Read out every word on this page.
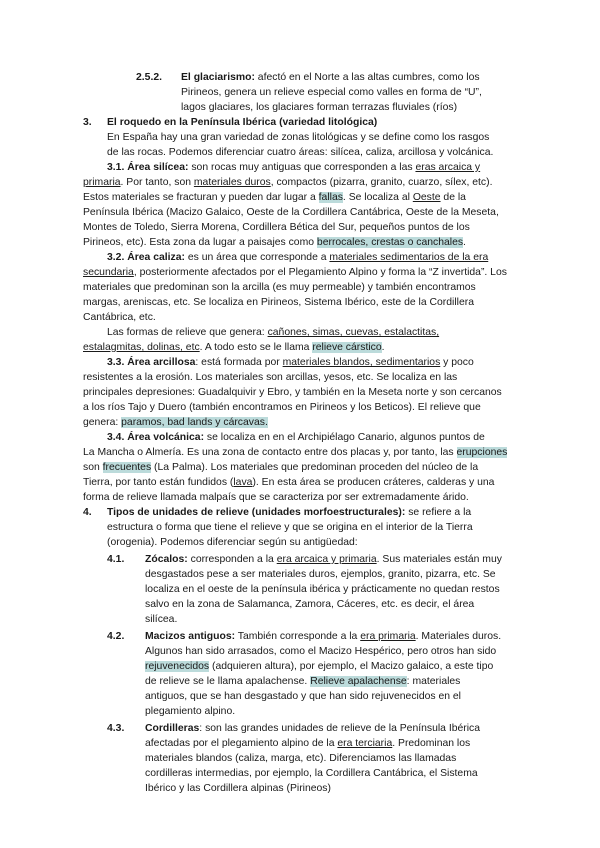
2.5.2. El glaciarismo: afectó en el Norte a las altas cumbres, como los
Pirineos, genera un relieve especial como valles en forma de “U”,
lagos glaciares, los glaciares forman terrazas fluviales (ríos)
3. El roquedo en la Península Ibérica (variedad litológica)
En España hay una gran variedad de zonas litológicas y se define como los rasgos
de las rocas. Podemos diferenciar cuatro áreas: silícea, caliza, arcillosa y volcánica.
3.1. Área silícea: son rocas muy antiguas que corresponden a las eras arcaica y
primaria. Por tanto, son materiales duros, compactos (pizarra, granito, cuarzo, sílex, etc).
Estos materiales se fracturan y pueden dar lugar a fallas. Se localiza al Oeste de la
Península Ibérica (Macizo Galaico, Oeste de la Cordillera Cantábrica, Oeste de la Meseta,
Montes de Toledo, Sierra Morena, Cordillera Bética del Sur, pequeños puntos de los
Pirineos, etc). Esta zona da lugar a paisajes como berrocales, crestas o canchales.
3.2. Área caliza: es un área que corresponde a materiales sedimentarios de la era
secundaria, posteriormente afectados por el Plegamiento Alpino y forma la “Z invertida”. Los
materiales que predominan son la arcilla (es muy permeable) y también encontramos
margas, areniscas, etc. Se localiza en Pirineos, Sistema Ibérico, este de la Cordillera
Cantábrica, etc.
Las formas de relieve que genera: cañones, simas, cuevas, estalactitas,
estalagmitas, dolinas, etc. A todo esto se le llama relieve cárstico.
3.3. Área arcillosa: está formada por materiales blandos, sedimentarios y poco
resistentes a la erosión. Los materiales son arcillas, yesos, etc. Se localiza en las
principales depresiones: Guadalquivir y Ebro, y también en la Meseta norte y son cercanos
a los ríos Tajo y Duero (también encontramos en Pirineos y los Beticos). El relieve que
genera: paramos, bad lands y cárcavas.
3.4. Área volcánica: se localiza en en el Archipiélago Canario, algunos puntos de
La Mancha o Almería. Es una zona de contacto entre dos placas y, por tanto, las erupciones
son frecuentes (La Palma). Los materiales que predominan proceden del núcleo de la
Tierra, por tanto están fundidos (lava). En esta área se producen cráteres, calderas y una
forma de relieve llamada malpaís que se caracteriza por ser extremadamente árido.
4. Tipos de unidades de relieve (unidades morfoestructurales): se refiere a la
estructura o forma que tiene el relieve y que se origina en el interior de la Tierra
(orogenia). Podemos diferenciar según su antigüedad:
4.1. Zócalos: corresponden a la era arcaica y primaria. Sus materiales están muy
desgastados pese a ser materiales duros, ejemplos, granito, pizarra, etc. Se
localiza en el oeste de la península ibérica y prácticamente no quedan restos
salvo en la zona de Salamanca, Zamora, Cáceres, etc. es decir, el área
silícea.
4.2. Macizos antiguos: También corresponde a la era primaria. Materiales duros.
Algunos han sido arrasados, como el Macizo Hespérico, pero otros han sido
rejuvenecidos (adquieren altura), por ejemplo, el Macizo galaico, a este tipo
de relieve se le llama apalachense. Relieve apalachense: materiales
antiguos, que se han desgastado y que han sido rejuvenecidos en el
plegamiento alpino.
4.3. Cordilleras: son las grandes unidades de relieve de la Península Ibérica
afectadas por el plegamiento alpino de la era terciaria. Predominan los
materiales blandos (caliza, marga, etc). Diferenciamos las llamadas
cordilleras intermedias, por ejemplo, la Cordillera Cantábrica, el Sistema
Ibérico y las Cordillera alpinas (Pirineos)
